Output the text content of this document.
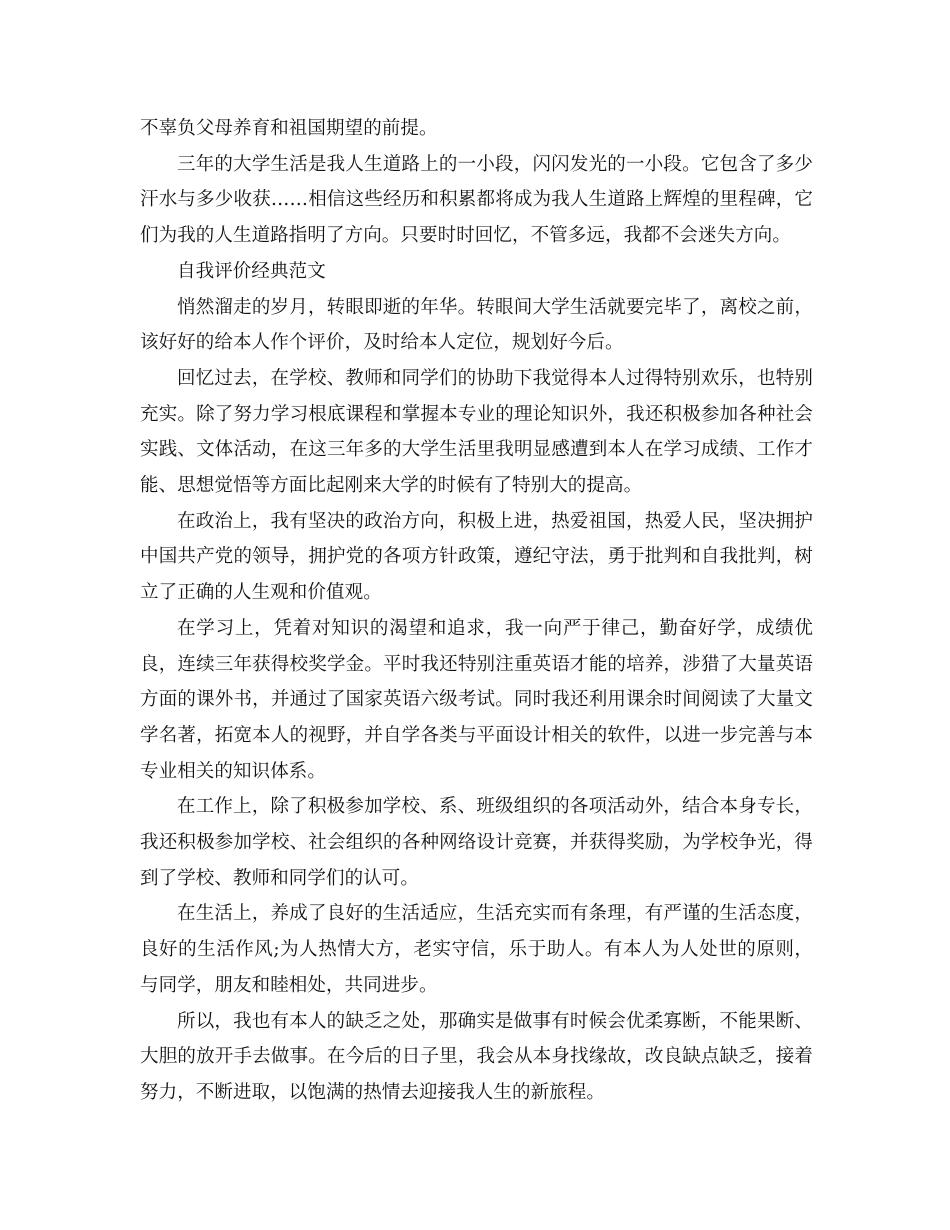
不辜负父母养育和祖国期望的前提。

三年的大学生活是我人生道路上的一小段，闪闪发光的一小段。它包含了多少汗水与多少收获……相信这些经历和积累都将成为我人生道路上辉煌的里程碑，它们为我的人生道路指明了方向。只要时时回忆，不管多远，我都不会迷失方向。

自我评价经典范文

悄然溜走的岁月，转眼即逝的年华。转眼间大学生活就要完毕了，离校之前，该好好的给本人作个评价，及时给本人定位，规划好今后。

回忆过去，在学校、教师和同学们的协助下我觉得本人过得特别欢乐，也特别充实。除了努力学习根底课程和掌握本专业的理论知识外，我还积极参加各种社会实践、文体活动，在这三年多的大学生活里我明显感遭到本人在学习成绩、工作才能、思想觉悟等方面比起刚来大学的时候有了特别大的提高。

在政治上，我有坚决的政治方向，积极上进，热爱祖国，热爱人民，坚决拥护中国共产党的领导，拥护党的各项方针政策，遵纪守法，勇于批判和自我批判，树立了正确的人生观和价值观。

在学习上，凭着对知识的渴望和追求，我一向严于律己，勤奋好学，成绩优良，连续三年获得校奖学金。平时我还特别注重英语才能的培养，涉猎了大量英语方面的课外书，并通过了国家英语六级考试。同时我还利用课余时间阅读了大量文学名著，拓宽本人的视野，并自学各类与平面设计相关的软件，以进一步完善与本专业相关的知识体系。

在工作上，除了积极参加学校、系、班级组织的各项活动外，结合本身专长，我还积极参加学校、社会组织的各种网络设计竞赛，并获得奖励，为学校争光，得到了学校、教师和同学们的认可。

在生活上，养成了良好的生活适应，生活充实而有条理，有严谨的生活态度，良好的生活作风;为人热情大方，老实守信，乐于助人。有本人为人处世的原则，与同学，朋友和睦相处，共同进步。

所以，我也有本人的缺乏之处，那确实是做事有时候会优柔寡断，不能果断、大胆的放开手去做事。在今后的日子里，我会从本身找缘故，改良缺点缺乏，接着努力，不断进取，以饱满的热情去迎接我人生的新旅程。
